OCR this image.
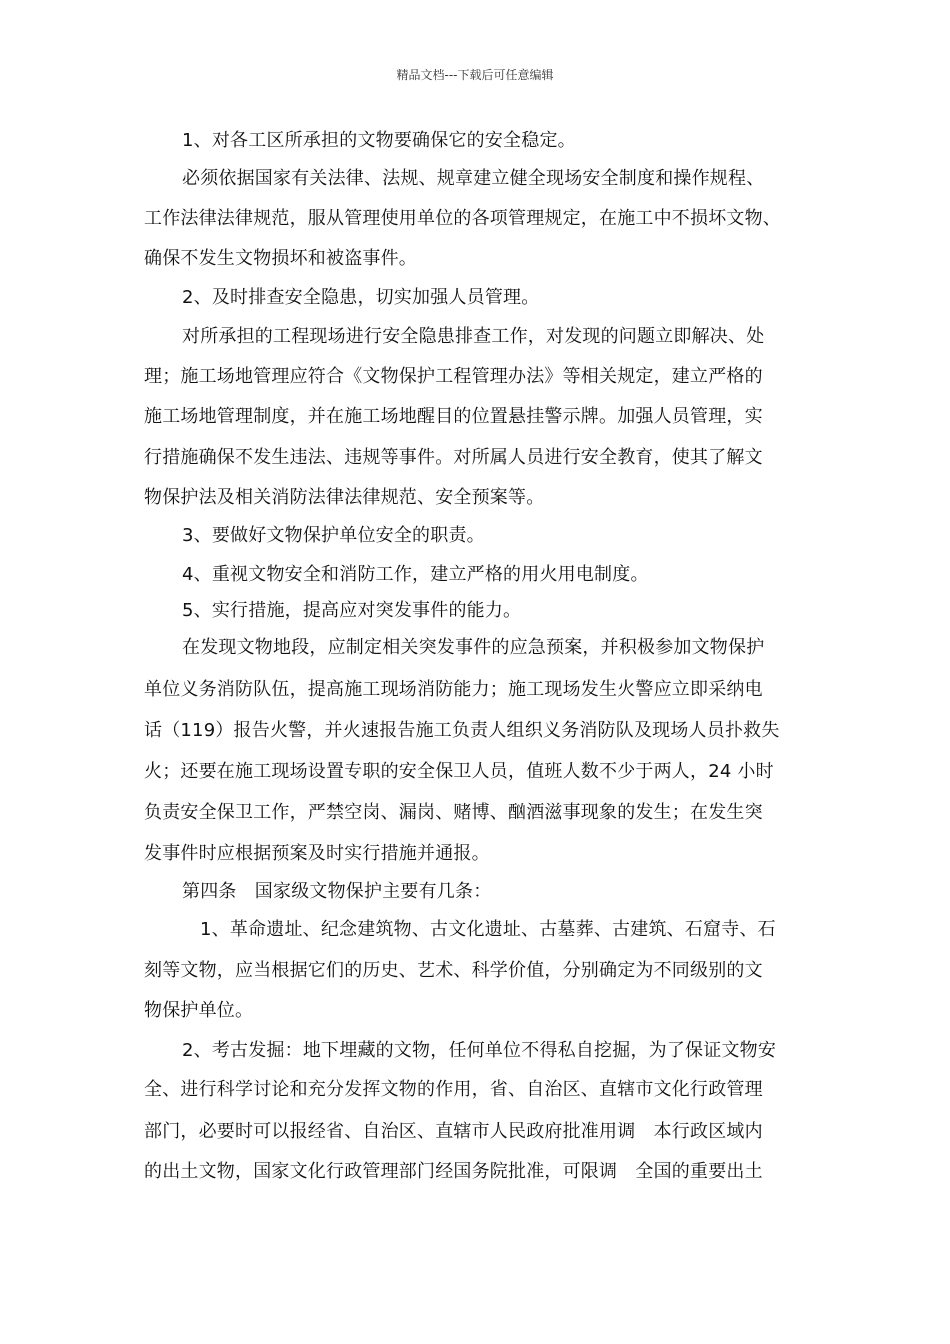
精品文档---下载后可任意编辑
1、对各工区所承担的文物要确保它的安全稳定。
必须依据国家有关法律、法规、规章建立健全现场安全制度和操作规程、
工作法律法律规范，服从管理使用单位的各项管理规定，在施工中不损坏文物、
确保不发生文物损坏和被盗事件。
2、及时排查安全隐患，切实加强人员管理。
对所承担的工程现场进行安全隐患排查工作，对发现的问题立即解决、处
理；施工场地管理应符合《文物保护工程管理办法》等相关规定，建立严格的
施工场地管理制度，并在施工场地醒目的位置悬挂警示牌。加强人员管理，实
行措施确保不发生违法、违规等事件。对所属人员进行安全教育，使其了解文
物保护法及相关消防法律法律规范、安全预案等。
3、要做好文物保护单位安全的职责。
4、重视文物安全和消防工作，建立严格的用火用电制度。
5、实行措施，提高应对突发事件的能力。
在发现文物地段，应制定相关突发事件的应急预案，并积极参加文物保护
单位义务消防队伍，提高施工现场消防能力；施工现场发生火警应立即采纳电
话（119）报告火警，并火速报告施工负责人组织义务消防队及现场人员扑救失
火；还要在施工现场设置专职的安全保卫人员，值班人数不少于两人，24 小时
负责安全保卫工作，严禁空岗、漏岗、赌博、酗酒滋事现象的发生；在发生突
发事件时应根据预案及时实行措施并通报。
第四条　国家级文物保护主要有几条：
1、革命遗址、纪念建筑物、古文化遗址、古墓葬、古建筑、石窟寺、石
刻等文物，应当根据它们的历史、艺术、科学价值，分别确定为不同级别的文
物保护单位。
2、考古发掘：地下埋藏的文物，任何单位不得私自挖掘，为了保证文物安
全、进行科学讨论和充分发挥文物的作用，省、自治区、直辖市文化行政管理
部门，必要时可以报经省、自治区、直辖市人民政府批准用调　本行政区域内
的出土文物，国家文化行政管理部门经国务院批准，可限调　全国的重要出土
